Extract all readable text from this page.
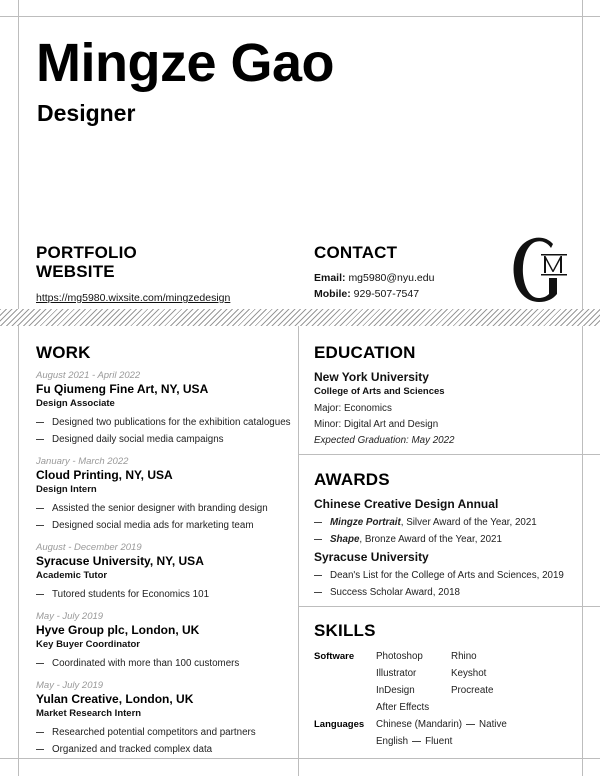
Mingze Gao
Designer
PORTFOLIO
WEBSITE
https://mg5980.wixsite.com/mingzedesign
CONTACT
Email: mg5980@nyu.edu
Mobile: 929-507-7547
WORK
August 2021 - April 2022
Fu Qiumeng Fine Art, NY, USA
Design Associate
Designed two publications for the exhibition catalogues
Designed daily social media campaigns
January - March 2022
Cloud Printing, NY, USA
Design Intern
Assisted the senior designer with branding design
Designed social media ads for marketing team
August - December 2019
Syracuse University, NY, USA
Academic Tutor
Tutored students for Economics 101
May - July 2019
Hyve Group plc, London, UK
Key Buyer Coordinator
Coordinated with more than 100 customers
May - July 2019
Yulan Creative, London, UK
Market Research Intern
Researched potential competitors and partners
Organized and tracked complex data
EDUCATION
New York University
College of Arts and Sciences
Major: Economics
Minor: Digital Art and Design
Expected Graduation: May 2022
AWARDS
Chinese Creative Design Annual
Mingze Portrait, Silver Award of the Year, 2021
Shape, Bronze Award of the Year, 2021
Syracuse University
Dean's List for the College of Arts and Sciences, 2019
Success Scholar Award, 2018
SKILLS
Software	Photoshop	Rhino
	Illustrator	Keyshot
	InDesign	Procreate
	After Effects	
Languages	Chinese (Mandarin) Native	
	English Fluent	
